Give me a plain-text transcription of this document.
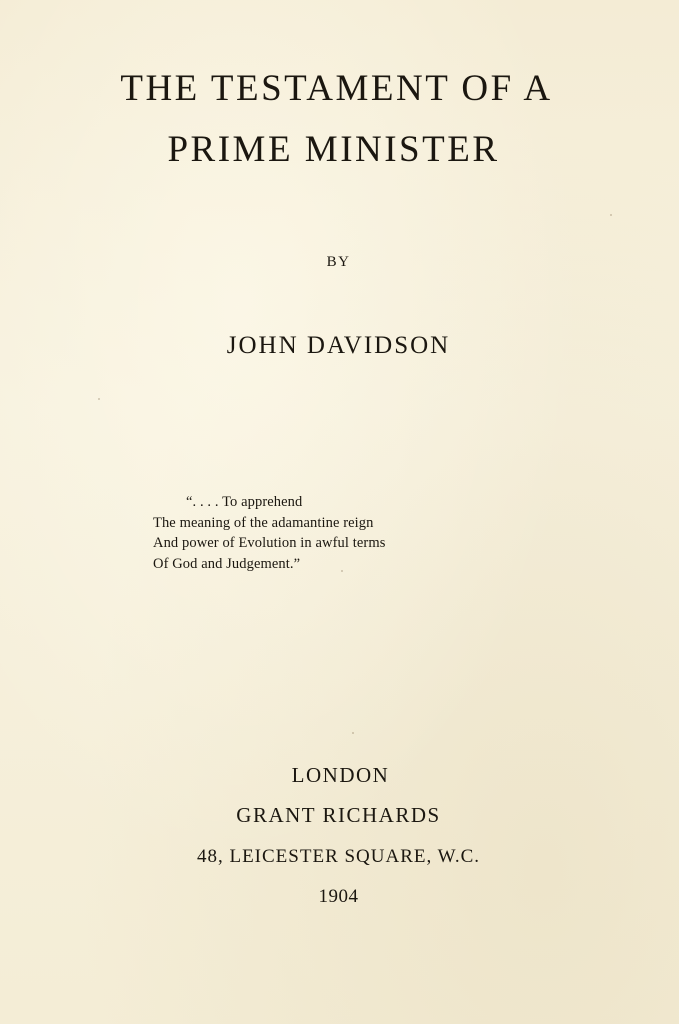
THE TESTAMENT OF A
PRIME MINISTER
BY
JOHN DAVIDSON
“. . . . To apprehend
The meaning of the adamantine reign
And power of Evolution in awful terms
Of God and Judgement.”
LONDON
GRANT RICHARDS
48, LEICESTER SQUARE, W.C.
1904
